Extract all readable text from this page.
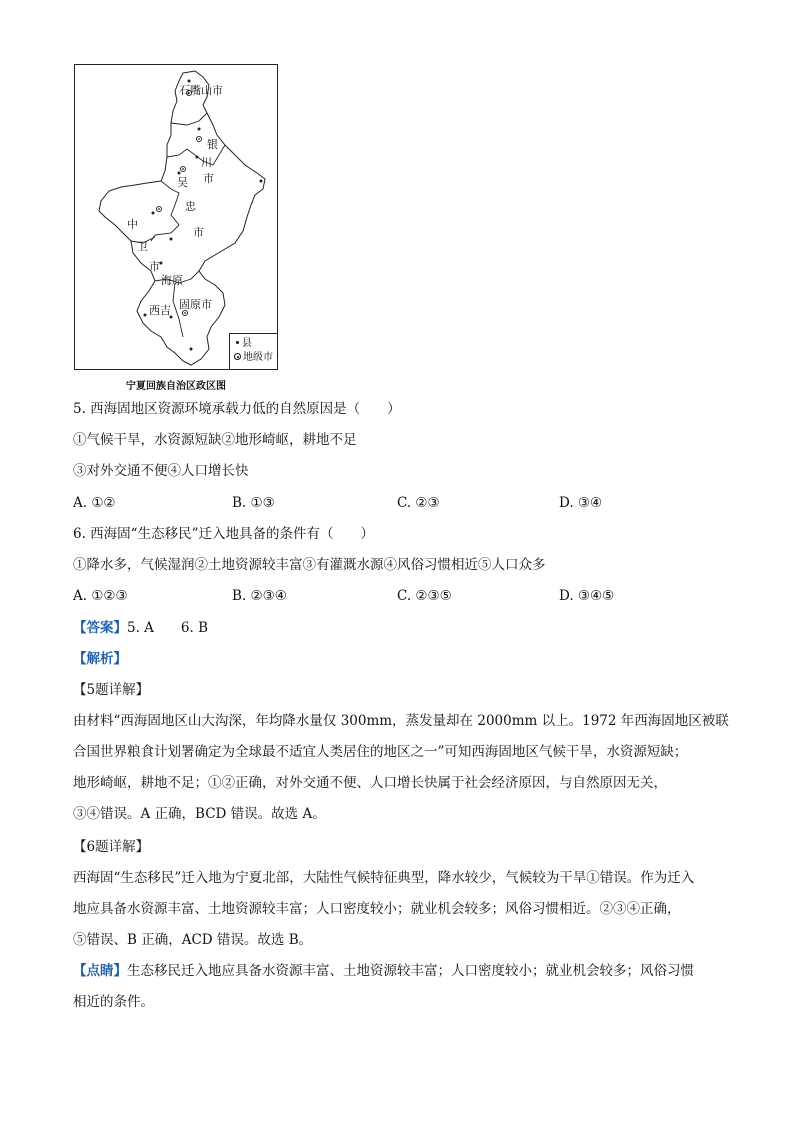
石嘴山市
银
川
市
吴
忠
市
中
卫
市
海原
西吉 固原市
县
地级市
宁夏回族自治区政区图
5. 西海固地区资源环境承载力低的自然原因是（　　）
①气候干旱，水资源短缺②地形崎岖，耕地不足
③对外交通不便④人口增长快
A. ①②	B. ①③	C. ②③	D. ③④
6. 西海固“生态移民”迁入地具备的条件有（　　）
①降水多，气候湿润②土地资源较丰富③有灌溉水源④风俗习惯相近⑤人口众多
A. ①②③	B. ②③④	C. ②③⑤	D. ③④⑤
【答案】5. A　　6. B
【解析】
【5题详解】
由材料“西海固地区山大沟深，年均降水量仅 300mm，蒸发量却在 2000mm 以上。1972 年西海固地区被联
合国世界粮食计划署确定为全球最不适宜人类居住的地区之一”可知西海固地区气候干旱，水资源短缺；
地形崎岖，耕地不足；①②正确，对外交通不便、人口增长快属于社会经济原因，与自然原因无关，
③④错误。A 正确，BCD 错误。故选 A。
【6题详解】
西海固“生态移民”迁入地为宁夏北部，大陆性气候特征典型，降水较少，气候较为干旱①错误。作为迁入
地应具备水资源丰富、土地资源较丰富；人口密度较小；就业机会较多；风俗习惯相近。②③④正确，
⑤错误、B 正确，ACD 错误。故选 B。
【点睛】生态移民迁入地应具备水资源丰富、土地资源较丰富；人口密度较小；就业机会较多；风俗习惯
相近的条件。
